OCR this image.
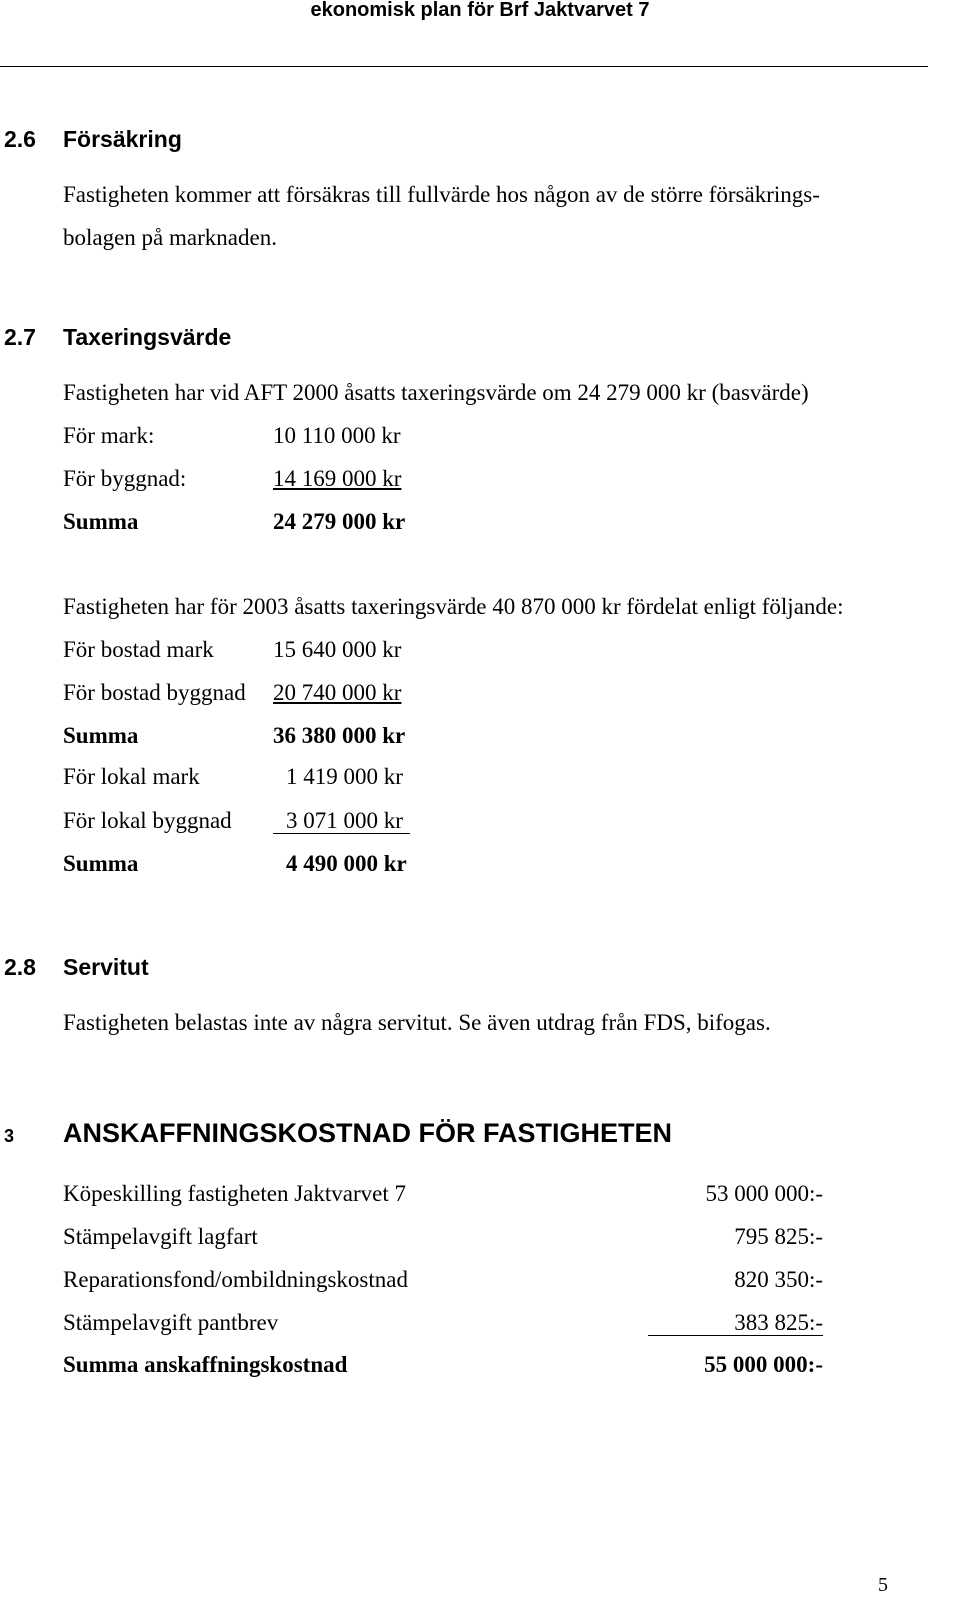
ekonomisk plan för Brf Jaktvarvet 7
2.6 Försäkring
Fastigheten kommer att försäkras till fullvärde hos någon av de större försäkrings-
bolagen på marknaden.
2.7 Taxeringsvärde
Fastigheten har vid AFT 2000 åsatts taxeringsvärde om 24 279 000 kr (basvärde)
För mark:	10 110 000 kr
För byggnad:	14 169 000 kr
Summa	24 279 000 kr
Fastigheten har för 2003 åsatts taxeringsvärde 40 870 000 kr fördelat enligt följande:
För bostad mark	15 640 000 kr
För bostad byggnad 20 740 000 kr
Summa	36 380 000 kr
För lokal mark	1 419 000 kr
För lokal byggnad 3 071 000 kr
Summa	4 490 000 kr
2.8 Servitut
Fastigheten belastas inte av några servitut. Se även utdrag från FDS, bifogas.
3 ANSKAFFNINGSKOSTNAD FÖR FASTIGHETEN
Köpeskilling fastigheten Jaktvarvet 7	53 000 000:-
Stämpelavgift lagfart	795 825:-
Reparationsfond/ombildningskostnad	820 350:-
Stämpelavgift pantbrev	383 825:-
Summa anskaffningskostnad	55 000 000:-
5
